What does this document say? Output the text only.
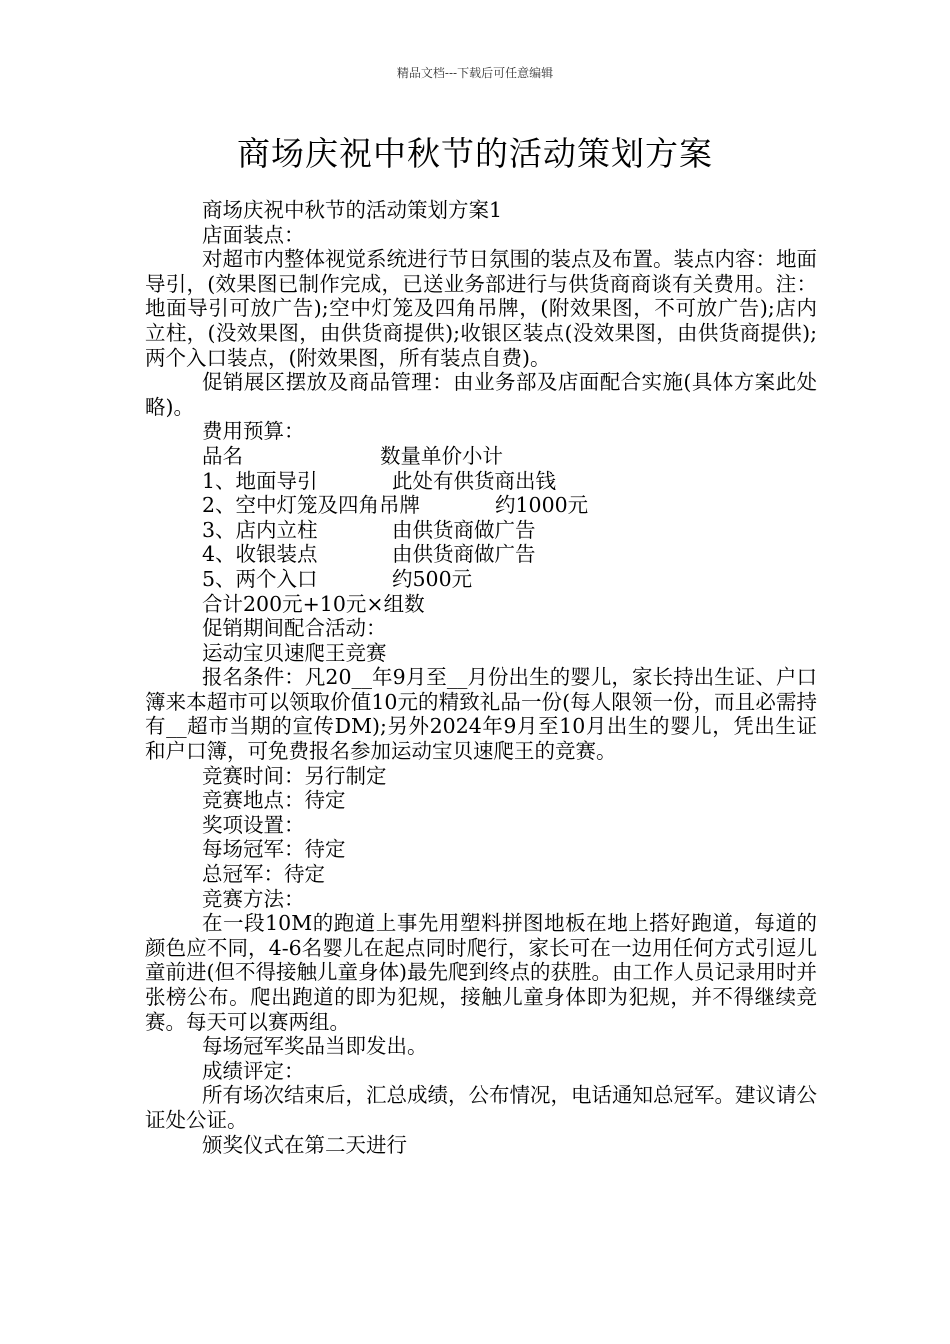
精品文档---下载后可任意编辑
商场庆祝中秋节的活动策划方案

商场庆祝中秋节的活动策划方案1

店面装点：

对超市内整体视觉系统进行节日氛围的装点及布置。装点内容：地面导引，(效果图已制作完成，已送业务部进行与供货商商谈有关费用。注：地面导引可放广告);空中灯笼及四角吊牌，(附效果图，不可放广告);店内立柱，(没效果图，由供货商提供);收银区装点(没效果图，由供货商提供);两个入口装点，(附效果图，所有装点自费)。

促销展区摆放及商品管理：由业务部及店面配合实施(具体方案此处略)。

费用预算：

品名	数量单价小计
1、地面导引	此处有供货商出钱
2、空中灯笼及四角吊牌	约1000元
3、店内立柱	由供货商做广告
4、收银装点	由供货商做广告
5、两个入口	约500元

合计200元+10元×组数

促销期间配合活动：

运动宝贝速爬王竞赛

报名条件：凡20__年9月至__月份出生的婴儿，家长持出生证、户口簿来本超市可以领取价值10元的精致礼品一份(每人限领一份，而且必需持有__超市当期的宣传DM);另外2024年9月至10月出生的婴儿，凭出生证和户口簿，可免费报名参加运动宝贝速爬王的竞赛。

竞赛时间：另行制定

竞赛地点：待定

奖项设置：

每场冠军：待定

总冠军：待定

竞赛方法：

在一段10M的跑道上事先用塑料拼图地板在地上搭好跑道，每道的颜色应不同，4-6名婴儿在起点同时爬行，家长可在一边用任何方式引逗儿童前进(但不得接触儿童身体)最先爬到终点的获胜。由工作人员记录用时并张榜公布。爬出跑道的即为犯规，接触儿童身体即为犯规，并不得继续竞赛。每天可以赛两组。

每场冠军奖品当即发出。

成绩评定：

所有场次结束后，汇总成绩，公布情况，电话通知总冠军。建议请公证处公证。

颁奖仪式在第二天进行
